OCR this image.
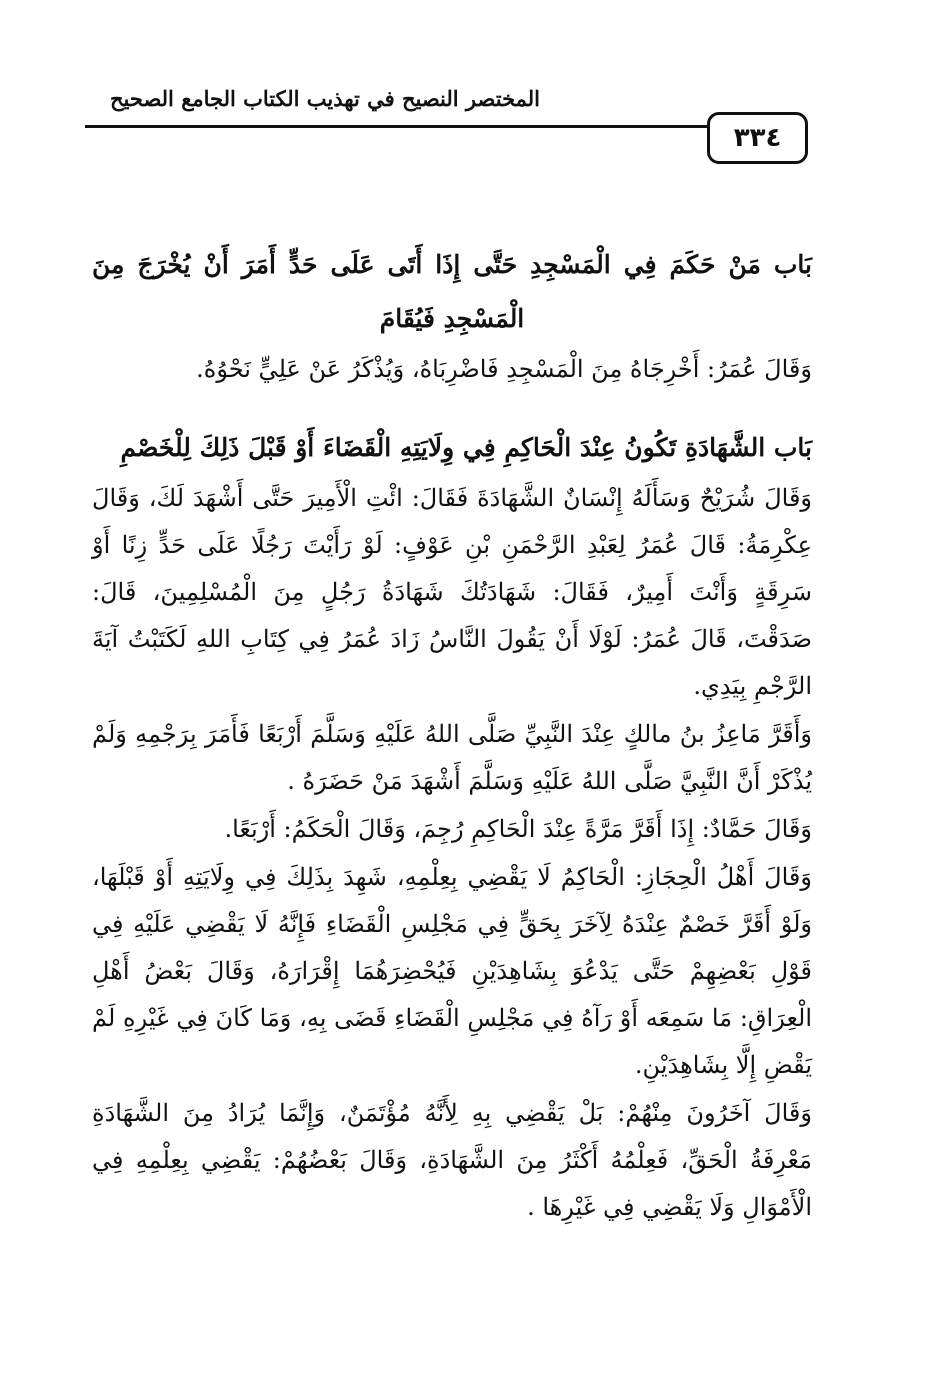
المختصر النصيح في تهذيب الكتاب الجامع الصحيح
٣٣٤
بَاب مَنْ حَكَمَ فِي الْمَسْجِدِ حَتَّى إِذَا أَتَى عَلَى حَدٍّ أَمَرَ أَنْ يُخْرَجَ مِنَ الْمَسْجِدِ فَيُقَامَ

وَقَالَ عُمَرُ: أَخْرِجَاهُ مِنَ الْمَسْجِدِ فَاضْرِبَاهُ، وَيُذْكَرُ عَنْ عَلِيٍّ نَحْوُهُ.

بَاب الشَّهَادَةِ تَكُونُ عِنْدَ الْحَاكِمِ فِي وِلَايَتِهِ الْقَضَاءَ أَوْ قَبْلَ ذَلِكَ لِلْخَصْمِ

وَقَالَ شُرَيْحٌ وَسَأَلَهُ إِنْسَانٌ الشَّهَادَةَ فَقَالَ: ائْتِ الْأَمِيرَ حَتَّى أَشْهَدَ لَكَ، وَقَالَ عِكْرِمَةُ: قَالَ عُمَرُ لِعَبْدِ الرَّحْمَنِ بْنِ عَوْفٍ: لَوْ رَأَيْتَ رَجُلًا عَلَى حَدٍّ زِنًا أَوْ سَرِقَةٍ وَأَنْتَ أَمِيرٌ، فَقَالَ: شَهَادَتُكَ شَهَادَةُ رَجُلٍ مِنَ الْمُسْلِمِينَ، قَالَ: صَدَقْتَ، قَالَ عُمَرُ: لَوْلَا أَنْ يَقُولَ النَّاسُ زَادَ عُمَرُ فِي كِتَابِ اللهِ لَكَتَبْتُ آيَةَ الرَّجْمِ بِيَدِي.

وَأَقَرَّ مَاعِزُ بنُ مالكٍ عِنْدَ النَّبِيِّ صَلَّى اللهُ عَلَيْهِ وَسَلَّمَ أَرْبَعًا فَأَمَرَ بِرَجْمِهِ وَلَمْ يُذْكَرْ أَنَّ النَّبِيَّ صَلَّى اللهُ عَلَيْهِ وَسَلَّمَ أَشْهَدَ مَنْ حَضَرَهُ .

وَقَالَ حَمَّادٌ: إِذَا أَقَرَّ مَرَّةً عِنْدَ الْحَاكِمِ رُجِمَ، وَقَالَ الْحَكَمُ: أَرْبَعًا.

وَقَالَ أَهْلُ الْحِجَازِ: الْحَاكِمُ لَا يَقْضِي بِعِلْمِهِ، شَهِدَ بِذَلِكَ فِي وِلَايَتِهِ أَوْ قَبْلَهَا، وَلَوْ أَقَرَّ خَصْمٌ عِنْدَهُ لِآخَرَ بِحَقٍّ فِي مَجْلِسِ الْقَضَاءِ فَإِنَّهُ لَا يَقْضِي عَلَيْهِ فِي قَوْلِ بَعْضِهِمْ حَتَّى يَدْعُوَ بِشَاهِدَيْنِ فَيُحْضِرَهُمَا إِقْرَارَهُ، وَقَالَ بَعْضُ أَهْلِ الْعِرَاقِ: مَا سَمِعَه أَوْ رَآهُ فِي مَجْلِسِ الْقَضَاءِ قَضَى بِهِ، وَمَا كَانَ فِي غَيْرِهِ لَمْ يَقْضِ إِلَّا بِشَاهِدَيْنِ.

وَقَالَ آخَرُونَ مِنْهُمْ: بَلْ يَقْضِي بِهِ لِأَنَّهُ مُؤْتَمَنٌ، وَإِنَّمَا يُرَادُ مِنَ الشَّهَادَةِ مَعْرِفَةُ الْحَقِّ، فَعِلْمُهُ أَكْثَرُ مِنَ الشَّهَادَةِ، وَقَالَ بَعْضُهُمْ: يَقْضِي بِعِلْمِهِ فِي الْأَمْوَالِ وَلَا يَقْضِي فِي غَيْرِهَا .
